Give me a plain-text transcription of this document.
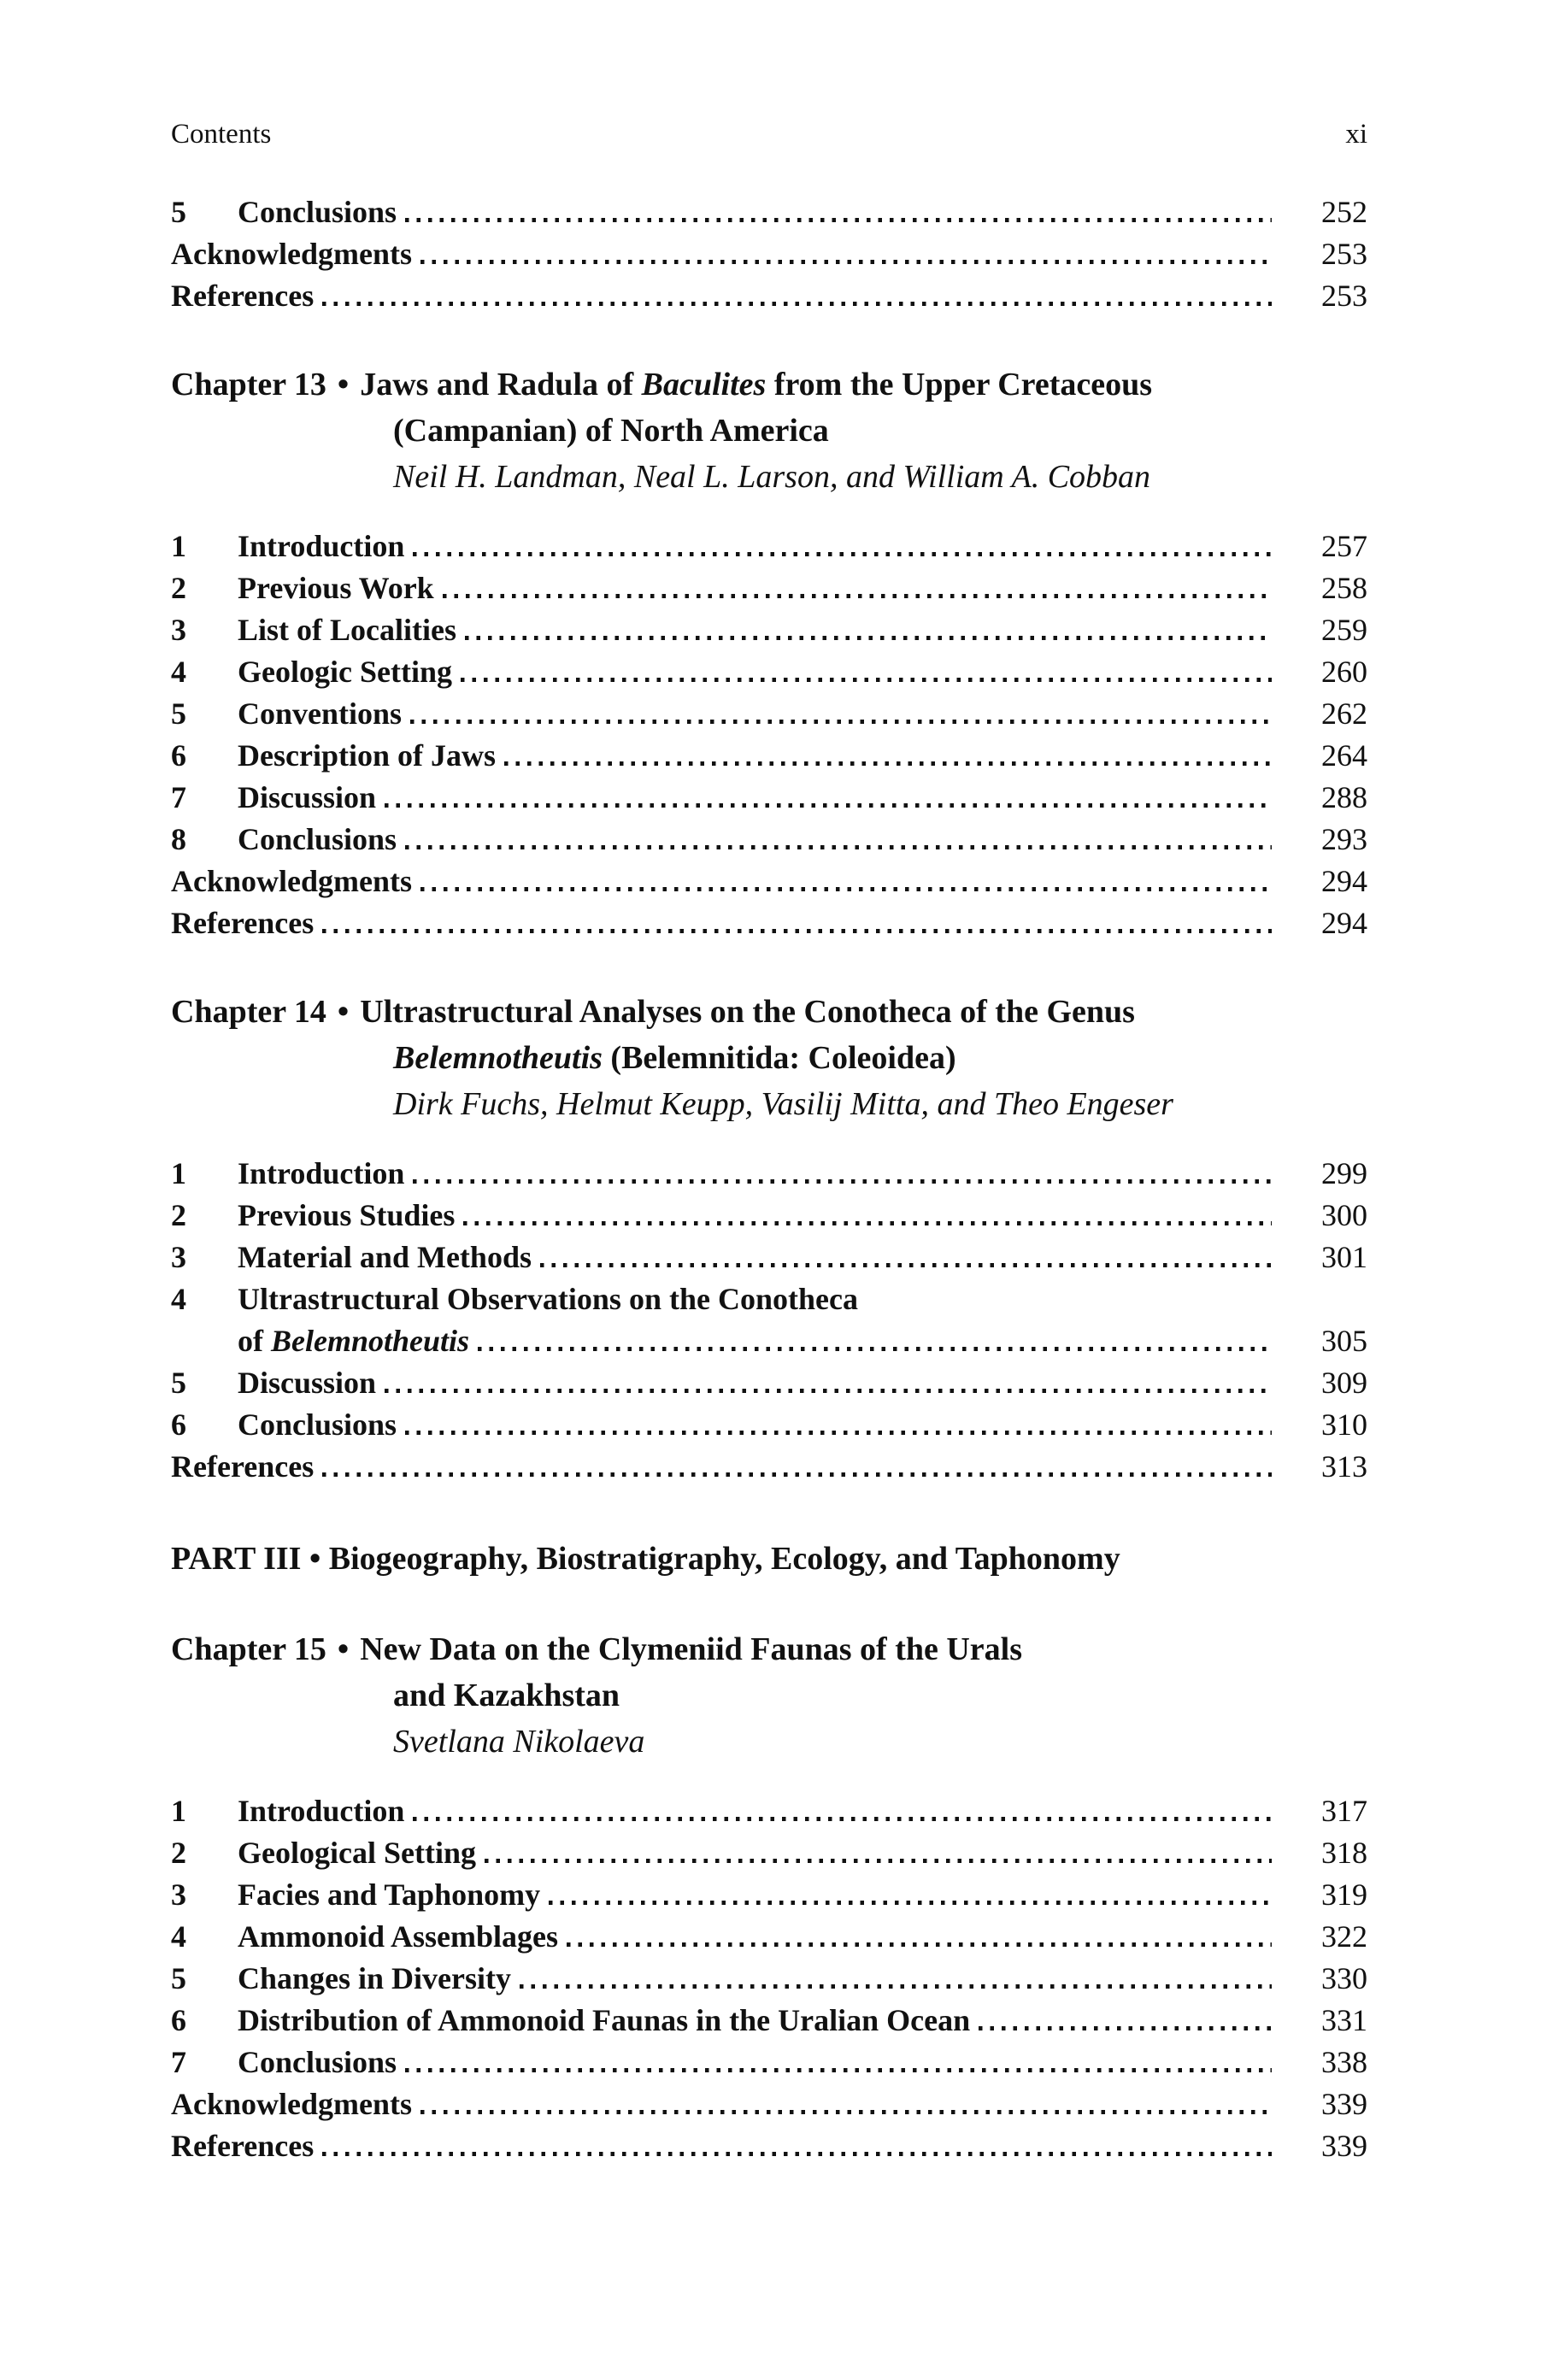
Contents	xi
5	Conclusions	252
Acknowledgments	253
References	253
Chapter 13 • Jaws and Radula of Baculites from the Upper Cretaceous
(Campanian) of North America
Neil H. Landman, Neal L. Larson, and William A. Cobban
1	Introduction	257
2	Previous Work	258
3	List of Localities	259
4	Geologic Setting	260
5	Conventions	262
6	Description of Jaws	264
7	Discussion	288
8	Conclusions	293
Acknowledgments	294
References	294
Chapter 14 • Ultrastructural Analyses on the Conotheca of the Genus
Belemnotheutis (Belemnitida: Coleoidea)
Dirk Fuchs, Helmut Keupp, Vasilij Mitta, and Theo Engeser
1	Introduction	299
2	Previous Studies	300
3	Material and Methods	301
4	Ultrastructural Observations on the Conotheca
of Belemnotheutis	305
5	Discussion	309
6	Conclusions	310
References	313
PART III • Biogeography, Biostratigraphy, Ecology, and Taphonomy
Chapter 15 • New Data on the Clymeniid Faunas of the Urals
and Kazakhstan
Svetlana Nikolaeva
1	Introduction	317
2	Geological Setting	318
3	Facies and Taphonomy	319
4	Ammonoid Assemblages	322
5	Changes in Diversity	330
6	Distribution of Ammonoid Faunas in the Uralian Ocean	331
7	Conclusions	338
Acknowledgments	339
References	339
